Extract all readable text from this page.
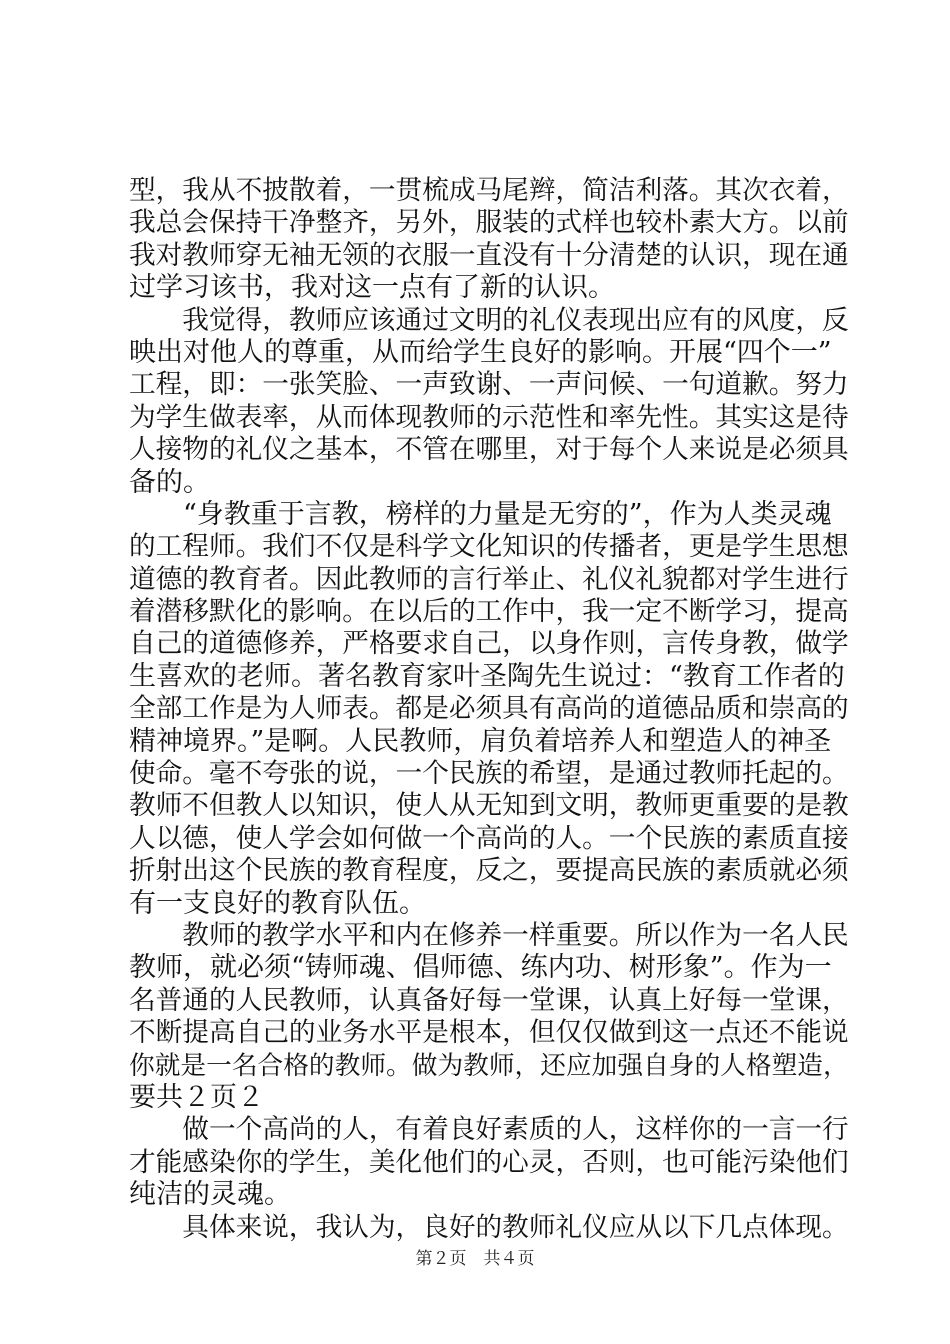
型，我从不披散着，一贯梳成马尾辫，简洁利落。其次衣着，
我总会保持干净整齐，另外，服装的式样也较朴素大方。以前
我对教师穿无袖无领的衣服一直没有十分清楚的认识，现在通
过学习该书，我对这一点有了新的认识。
　　我觉得，教师应该通过文明的礼仪表现出应有的风度，反
映出对他人的尊重，从而给学生良好的影响。开展“四个一”
工程，即：一张笑脸、一声致谢、一声问候、一句道歉。努力
为学生做表率，从而体现教师的示范性和率先性。其实这是待
人接物的礼仪之基本，不管在哪里，对于每个人来说是必须具
备的。
　　“身教重于言教，榜样的力量是无穷的”，作为人类灵魂
的工程师。我们不仅是科学文化知识的传播者，更是学生思想
道德的教育者。因此教师的言行举止、礼仪礼貌都对学生进行
着潜移默化的影响。在以后的工作中，我一定不断学习，提高
自己的道德修养，严格要求自己，以身作则，言传身教，做学
生喜欢的老师。著名教育家叶圣陶先生说过：“教育工作者的
全部工作是为人师表。都是必须具有高尚的道德品质和崇高的
精神境界。”是啊。人民教师，肩负着培养人和塑造人的神圣
使命。毫不夸张的说，一个民族的希望，是通过教师托起的。
教师不但教人以知识，使人从无知到文明，教师更重要的是教
人以德，使人学会如何做一个高尚的人。一个民族的素质直接
折射出这个民族的教育程度，反之，要提高民族的素质就必须
有一支良好的教育队伍。
　　教师的教学水平和内在修养一样重要。所以作为一名人民
教师，就必须“铸师魂、倡师德、练内功、树形象”。作为一
名普通的人民教师，认真备好每一堂课，认真上好每一堂课，
不断提高自己的业务水平是根本，但仅仅做到这一点还不能说
你就是一名合格的教师。做为教师，还应加强自身的人格塑造，
要共２页２
　　做一个高尚的人，有着良好素质的人，这样你的一言一行
才能感染你的学生，美化他们的心灵，否则，也可能污染他们
纯洁的灵魂。
　　具体来说，我认为，良好的教师礼仪应从以下几点体现。
第２页　共４页
